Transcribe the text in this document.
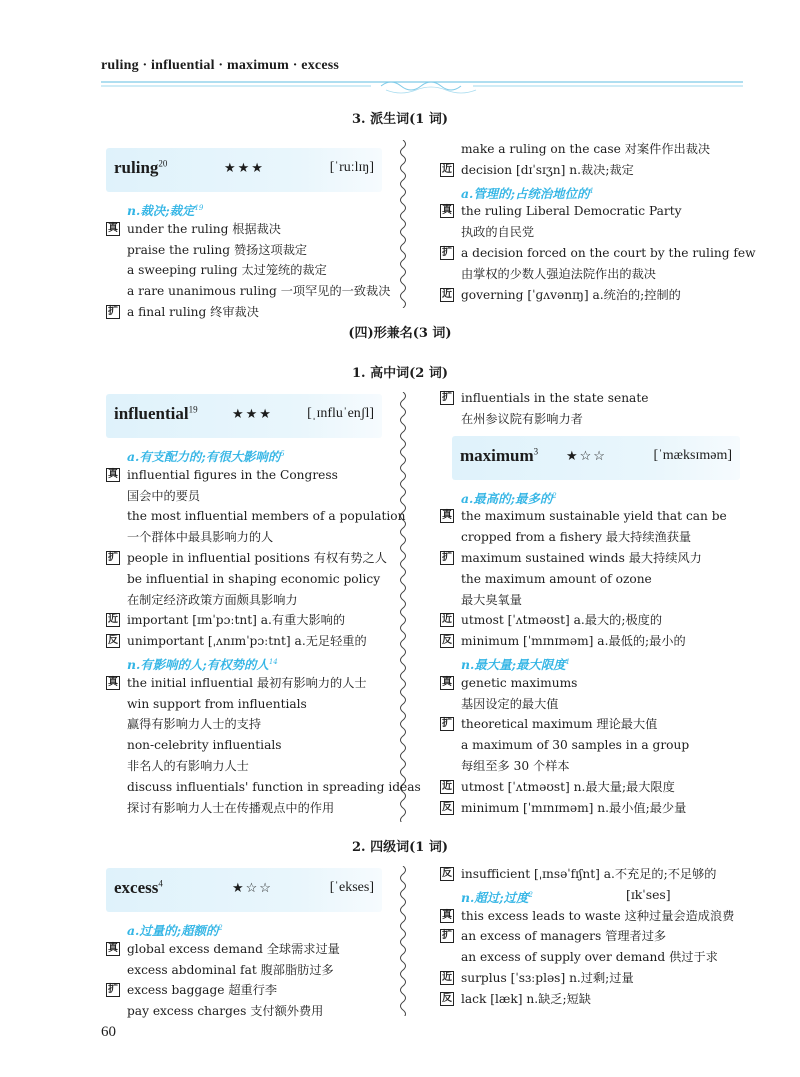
ruling · influential · maximum · excess
3. 派生词(1 词)
(四)形兼名(3 词)
1. 高中词(2 词)
2. 四级词(1 词)
ruling$^{20}$	★★★	[ˈruːlɪŋ]
n.裁决;裁定$^{19}$
真 under the ruling 根据裁决
praise the ruling 赞扬这项裁定
a sweeping ruling 太过笼统的裁定
a rare unanimous ruling 一项罕见的一致裁决
扩 a final ruling 终审裁决
make a ruling on the case 对案件作出裁决
近 decision [dɪˈsɪʒn] n.裁决;裁定
a.管理的;占统治地位的$^1$
真 the ruling Liberal Democratic Party
执政的自民党
扩 a decision forced on the court by the ruling few
由掌权的少数人强迫法院作出的裁决
近 governing [ˈɡʌvənɪŋ] a.统治的;控制的
influential$^{19}$	★★★ [ˌɪnfluˈenʃl]
a.有支配力的;有很大影响的$^5$
真 influential figures in the Congress
国会中的要员
the most influential members of a population
一个群体中最具影响力的人
扩 people in influential positions 有权有势之人
be influential in shaping economic policy
在制定经济政策方面颇具影响力
近 important [ɪmˈpɔːtnt] a.有重大影响的
反 unimportant [ˌʌnɪmˈpɔːtnt] a.无足轻重的
n.有影响的人;有权势的人$^{14}$
真 the initial influential 最初有影响力的人士
win support from influentials
赢得有影响力人士的支持
non-celebrity influentials
非名人的有影响力人士
discuss influentials' function in spreading ideas
探讨有影响力人士在传播观点中的作用
扩 influentials in the state senate
在州参议院有影响力者
maximum$^3$ ★☆☆	[ˈmæksɪməm]
a.最高的;最多的$^2$
真 the maximum sustainable yield that can be
cropped from a fishery 最大持续渔获量
扩 maximum sustained winds 最大持续风力
the maximum amount of ozone
最大臭氧量
近 utmost [ˈʌtməʊst] a.最大的;极度的
反 minimum [ˈmɪnɪməm] a.最低的;最小的
n.最大量;最大限度$^1$
真 genetic maximums
基因设定的最大值
扩 theoretical maximum 理论最大值
a maximum of 30 samples in a group
每组至多 30 个样本
近 utmost [ˈʌtməʊst] n.最大量;最大限度
反 minimum [ˈmɪnɪməm] n.最小值;最少量
excess$^4$	★☆☆	[ˈekses]
a.过量的;超额的$^2$
真 global excess demand 全球需求过量
excess abdominal fat 腹部脂肪过多
扩 excess baggage 超重行李
pay excess charges 支付额外费用
反 insufficient [ˌɪnsəˈfɪʃnt] a.不充足的;不足够的
n.超过;过度$^2$	[ɪkˈses]
真 this excess leads to waste 这种过量会造成浪费
扩 an excess of managers 管理者过多
an excess of supply over demand 供过于求
近 surplus [ˈsɜːpləs] n.过剩;过量
反 lack [læk] n.缺乏;短缺
60
